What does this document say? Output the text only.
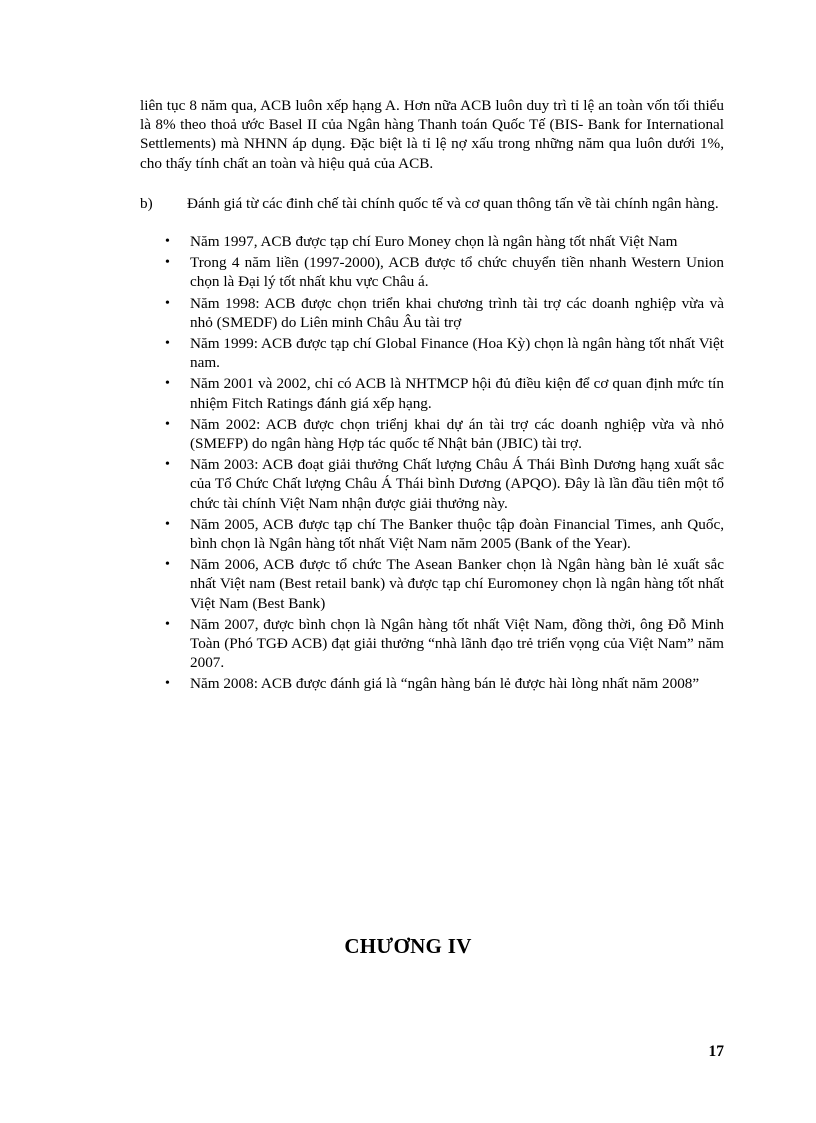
liên tục 8 năm qua, ACB luôn xếp hạng A. Hơn nữa ACB luôn duy trì tỉ lệ an toàn vốn tối thiểu là 8% theo thoả ước Basel II của Ngân hàng Thanh toán Quốc Tế (BIS- Bank for International Settlements) mà NHNN áp dụng. Đặc biệt là tỉ lệ nợ xấu trong những năm qua luôn dưới 1%, cho thấy tính chất an toàn và hiệu quả của ACB.

b)	Đánh giá từ các đinh chế tài chính quốc tế và cơ quan thông tấn về tài chính ngân hàng.
• Năm 1997, ACB được tạp chí Euro Money chọn là ngân hàng tốt nhất Việt Nam
• Trong 4 năm liền (1997-2000), ACB được tổ chức chuyển tiền nhanh Western Union chọn là Đại lý tốt nhất khu vực Châu á.
• Năm 1998: ACB được chọn triển khai chương trình tài trợ các doanh nghiệp vừa và nhỏ (SMEDF) do Liên minh Châu Âu tài trợ
• Năm 1999: ACB được tạp chí Global Finance (Hoa Kỳ) chọn là ngân hàng tốt nhất Việt nam.
• Năm 2001 và 2002, chỉ có ACB là NHTMCP hội đủ điều kiện để cơ quan định mức tín nhiệm Fitch Ratings đánh giá xếp hạng.
• Năm 2002: ACB được chọn triểnj khai dự án tài trợ các doanh nghiệp vừa và nhỏ (SMEFP) do ngân hàng Hợp tác quốc tế Nhật bản (JBIC) tài trợ.
• Năm 2003: ACB đoạt giải thưởng Chất lượng Châu Á Thái Bình Dương hạng xuất sắc của Tổ Chức Chất lượng Châu Á Thái bình Dương (APQO). Đây là lần đầu tiên một tổ chức tài chính Việt Nam nhận được giải thưởng này.
• Năm 2005, ACB được tạp chí The Banker thuộc tập đoàn Financial Times, anh Quốc, bình chọn là Ngân hàng tốt nhất Việt Nam năm 2005 (Bank of the Year).
• Năm 2006, ACB được tổ chức The Asean Banker chọn là Ngân hàng bàn lẻ xuất sắc nhất Việt nam (Best retail bank) và được tạp chí Euromoney chọn là ngân hàng tốt nhất Việt Nam (Best Bank)
• Năm 2007, được bình chọn là Ngân hàng tốt nhất Việt Nam, đồng thời, ông Đỗ Minh Toàn (Phó TGĐ ACB) đạt giải thưởng “nhà lãnh đạo trẻ triển vọng của Việt Nam” năm 2007.
• Năm 2008: ACB được đánh giá là “ngân hàng bán lẻ được hài lòng nhất năm 2008”
CHƯƠNG IV
17
